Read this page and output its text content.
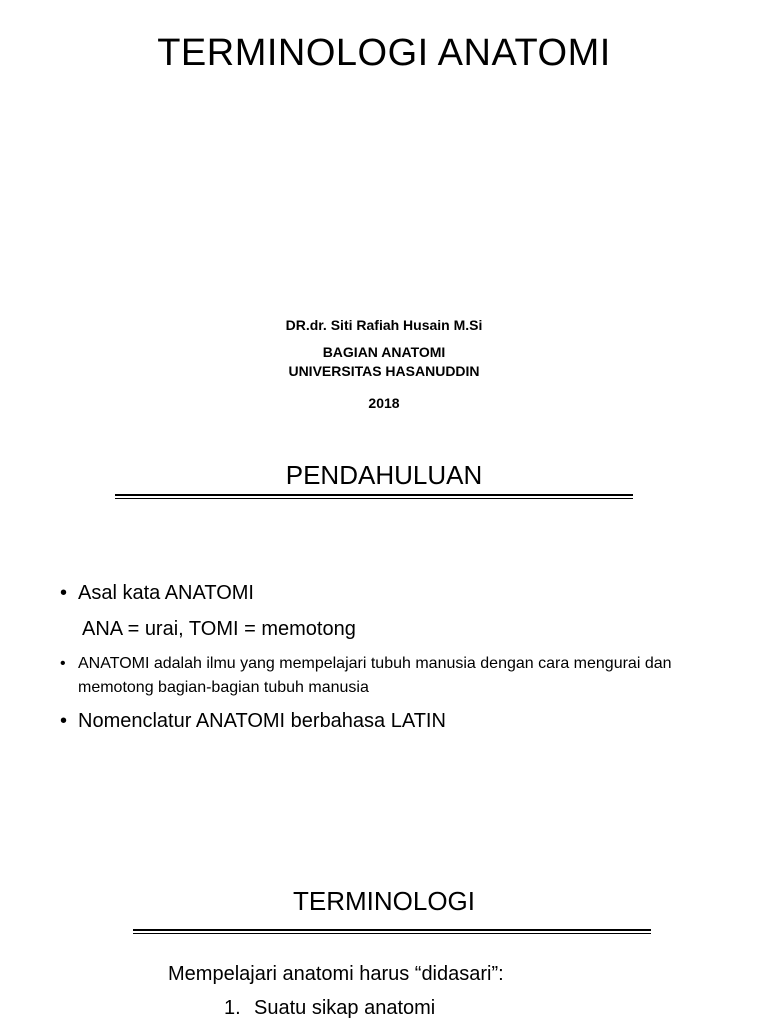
TERMINOLOGI ANATOMI
DR.dr. Siti Rafiah Husain M.Si
BAGIAN ANATOMI
UNIVERSITAS HASANUDDIN
2018
PENDAHULUAN
• Asal kata ANATOMI
ANA = urai, TOMI = memotong
• ANATOMI adalah ilmu yang mempelajari tubuh manusia dengan cara mengurai dan memotong bagian-bagian tubuh manusia
• Nomenclatur ANATOMI berbahasa LATIN
TERMINOLOGI
Mempelajari anatomi harus “didasari”:
1. Suatu sikap anatomi
